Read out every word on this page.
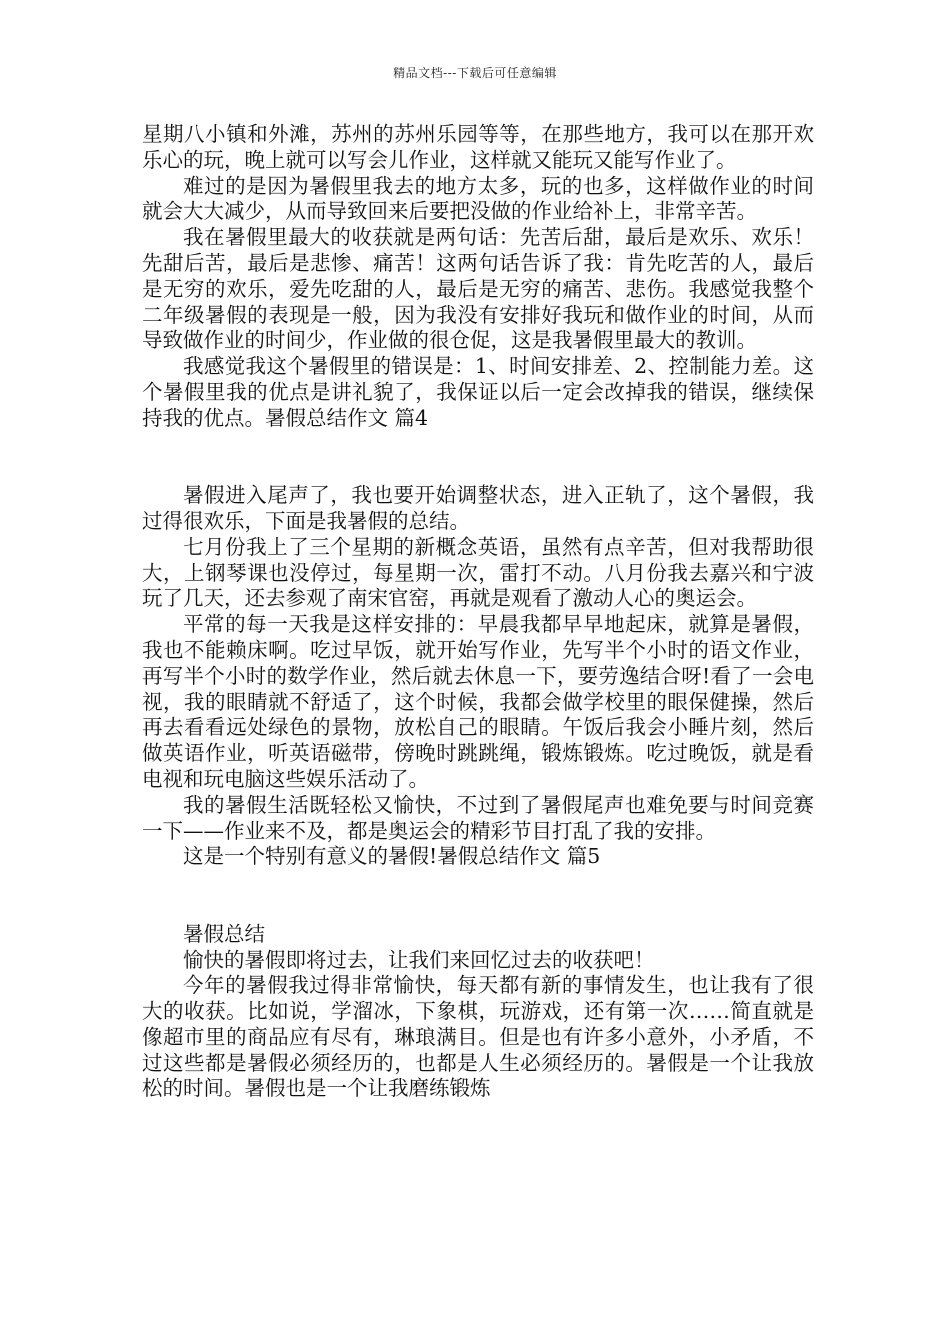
精品文档---下载后可任意编辑

星期八小镇和外滩，苏州的苏州乐园等等，在那些地方，我可以在那开欢乐心的玩，晚上就可以写会儿作业，这样就又能玩又能写作业了。

难过的是因为暑假里我去的地方太多，玩的也多，这样做作业的时间就会大大减少，从而导致回来后要把没做的作业给补上，非常辛苦。

我在暑假里最大的收获就是两句话：先苦后甜，最后是欢乐、欢乐！先甜后苦，最后是悲惨、痛苦！这两句话告诉了我：肯先吃苦的人，最后是无穷的欢乐，爱先吃甜的人，最后是无穷的痛苦、悲伤。我感觉我整个二年级暑假的表现是一般，因为我没有安排好我玩和做作业的时间，从而导致做作业的时间少，作业做的很仓促，这是我暑假里最大的教训。

我感觉我这个暑假里的错误是：1、时间安排差、2、控制能力差。这个暑假里我的优点是讲礼貌了，我保证以后一定会改掉我的错误，继续保持我的优点。暑假总结作文 篇4

暑假进入尾声了，我也要开始调整状态，进入正轨了，这个暑假，我过得很欢乐，下面是我暑假的总结。

七月份我上了三个星期的新概念英语，虽然有点辛苦，但对我帮助很大，上钢琴课也没停过，每星期一次，雷打不动。八月份我去嘉兴和宁波玩了几天，还去参观了南宋官窑，再就是观看了激动人心的奥运会。

平常的每一天我是这样安排的：早晨我都早早地起床，就算是暑假，我也不能赖床啊。吃过早饭，就开始写作业，先写半个小时的语文作业，再写半个小时的数学作业，然后就去休息一下，要劳逸结合呀!看了一会电视，我的眼睛就不舒适了，这个时候，我都会做学校里的眼保健操，然后再去看看远处绿色的景物，放松自己的眼睛。午饭后我会小睡片刻，然后做英语作业，听英语磁带，傍晚时跳跳绳，锻炼锻炼。吃过晚饭，就是看电视和玩电脑这些娱乐活动了。

我的暑假生活既轻松又愉快，不过到了暑假尾声也难免要与时间竞赛一下——作业来不及，都是奥运会的精彩节目打乱了我的安排。

这是一个特别有意义的暑假!暑假总结作文 篇5

暑假总结

愉快的暑假即将过去，让我们来回忆过去的收获吧！

今年的暑假我过得非常愉快，每天都有新的事情发生，也让我有了很大的收获。比如说，学溜冰，下象棋，玩游戏，还有第一次……简直就是像超市里的商品应有尽有，琳琅满目。但是也有许多小意外，小矛盾，不过这些都是暑假必须经历的，也都是人生必须经历的。暑假是一个让我放松的时间。暑假也是一个让我磨练锻炼
